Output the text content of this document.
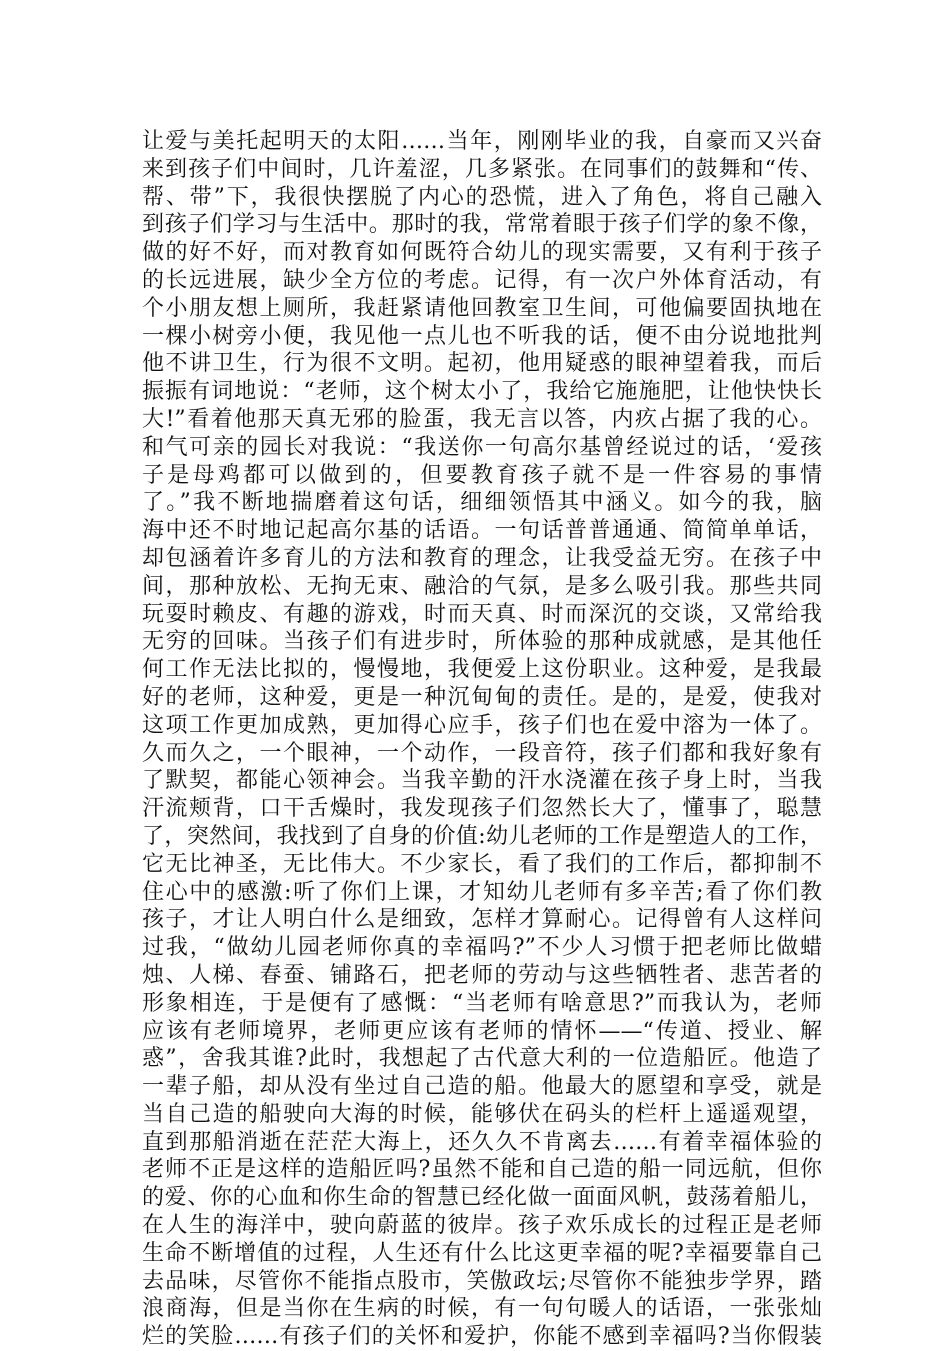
让爱与美托起明天的太阳……当年，刚刚毕业的我，自豪而又兴奋
来到孩子们中间时，几许羞涩，几多紧张。在同事们的鼓舞和“传、
帮、带”下，我很快摆脱了内心的恐慌，进入了角色，将自己融入
到孩子们学习与生活中。那时的我，常常着眼于孩子们学的象不像，
做的好不好，而对教育如何既符合幼儿的现实需要，又有利于孩子
的长远进展，缺少全方位的考虑。记得，有一次户外体育活动，有
个小朋友想上厕所，我赶紧请他回教室卫生间，可他偏要固执地在
一棵小树旁小便，我见他一点儿也不听我的话，便不由分说地批判
他不讲卫生，行为很不文明。起初，他用疑惑的眼神望着我，而后
振振有词地说：“老师，这个树太小了，我给它施施肥，让他快快长
大!”看着他那天真无邪的脸蛋，我无言以答，内疚占据了我的心。
和气可亲的园长对我说：“我送你一句高尔基曾经说过的话，‘爱孩
子是母鸡都可以做到的，但要教育孩子就不是一件容易的事情
了。”我不断地揣磨着这句话，细细领悟其中涵义。如今的我，脑
海中还不时地记起高尔基的话语。一句话普普通通、简简单单话，
却包涵着许多育儿的方法和教育的理念，让我受益无穷。在孩子中
间，那种放松、无拘无束、融洽的气氛，是多么吸引我。那些共同
玩耍时赖皮、有趣的游戏，时而天真、时而深沉的交谈，又常给我
无穷的回味。当孩子们有进步时，所体验的那种成就感，是其他任
何工作无法比拟的，慢慢地，我便爱上这份职业。这种爱，是我最
好的老师，这种爱，更是一种沉甸甸的责任。是的，是爱，使我对
这项工作更加成熟，更加得心应手，孩子们也在爱中溶为一体了。
久而久之，一个眼神，一个动作，一段音符，孩子们都和我好象有
了默契，都能心领神会。当我辛勤的汗水浇灌在孩子身上时，当我
汗流颊背，口干舌燥时，我发现孩子们忽然长大了，懂事了，聪慧
了，突然间，我找到了自身的价值:幼儿老师的工作是塑造人的工作，
它无比神圣，无比伟大。不少家长，看了我们的工作后，都抑制不
住心中的感激:听了你们上课，才知幼儿老师有多辛苦;看了你们教
孩子，才让人明白什么是细致，怎样才算耐心。记得曾有人这样问
过我，“做幼儿园老师你真的幸福吗?”不少人习惯于把老师比做蜡
烛、人梯、春蚕、铺路石，把老师的劳动与这些牺牲者、悲苦者的
形象相连，于是便有了感慨：“当老师有啥意思?”而我认为，老师
应该有老师境界，老师更应该有老师的情怀——“传道、授业、解
惑”，舍我其谁?此时，我想起了古代意大利的一位造船匠。他造了
一辈子船，却从没有坐过自己造的船。他最大的愿望和享受，就是
当自己造的船驶向大海的时候，能够伏在码头的栏杆上遥遥观望，
直到那船消逝在茫茫大海上，还久久不肯离去……有着幸福体验的
老师不正是这样的造船匠吗?虽然不能和自己造的船一同远航，但你
的爱、你的心血和你生命的智慧已经化做一面面风帆，鼓荡着船儿，
在人生的海洋中，驶向蔚蓝的彼岸。孩子欢乐成长的过程正是老师
生命不断增值的过程，人生还有什么比这更幸福的呢?幸福要靠自己
去品味，尽管你不能指点股市，笑傲政坛;尽管你不能独步学界，踏
浪商海，但是当你在生病的时候，有一句句暖人的话语，一张张灿
烂的笑脸……有孩子们的关怀和爱护，你能不感到幸福吗?当你假装
